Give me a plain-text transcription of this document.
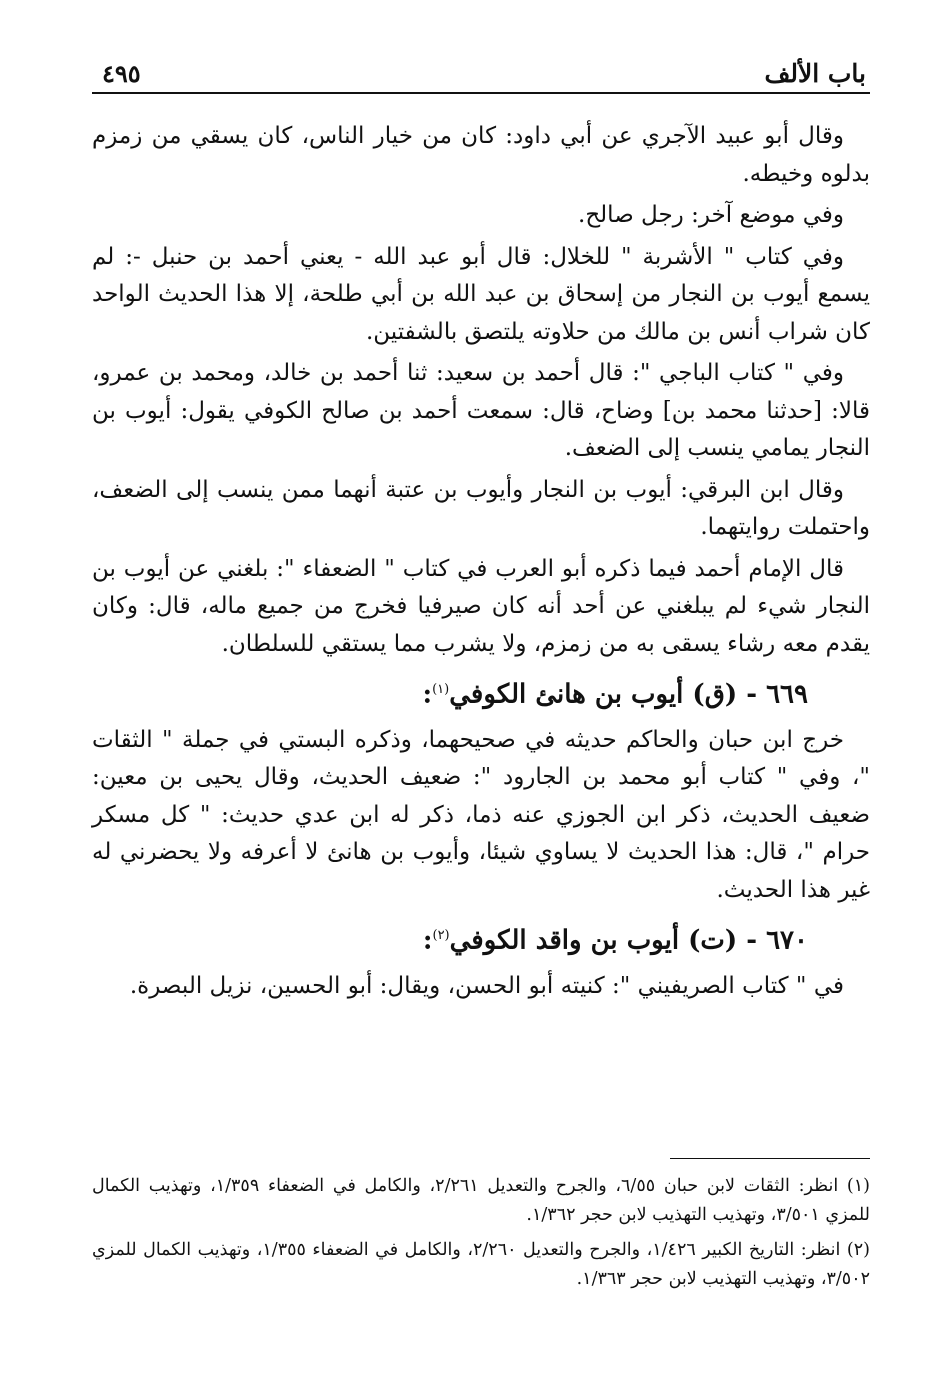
باب الألف
٤٩٥

وقال أبو عبيد الآجري عن أبي داود: كان من خيار الناس، كان يسقي من زمزم بدلوه وخيطه.

وفي موضع آخر: رجل صالح.

وفي كتاب " الأشربة " للخلال: قال أبو عبد الله - يعني أحمد بن حنبل -: لم يسمع أيوب بن النجار من إسحاق بن عبد الله بن أبي طلحة، إلا هذا الحديث الواحد كان شراب أنس بن مالك من حلاوته يلتصق بالشفتين.

وفي " كتاب الباجي ": قال أحمد بن سعيد: ثنا أحمد بن خالد، ومحمد بن عمرو، قالا: [حدثنا محمد بن] وضاح، قال: سمعت أحمد بن صالح الكوفي يقول: أيوب بن النجار يمامي ينسب إلى الضعف.

وقال ابن البرقي: أيوب بن النجار وأيوب بن عتبة أنهما ممن ينسب إلى الضعف، واحتملت روايتهما.

قال الإمام أحمد فيما ذكره أبو العرب في كتاب " الضعفاء ": بلغني عن أيوب بن النجار شيء لم يبلغني عن أحد أنه كان صيرفيا فخرج من جميع ماله، قال: وكان يقدم معه رشاء يسقى به من زمزم، ولا يشرب مما يستقي للسلطان.

٦٦٩ - (ق) أيوب بن هانئ الكوفي$^{(١)}$:

خرج ابن حبان والحاكم حديثه في صحيحهما، وذكره البستي في جملة " الثقات "، وفي " كتاب أبو محمد بن الجارود ": ضعيف الحديث، وقال يحيى بن معين: ضعيف الحديث، ذكر ابن الجوزي عنه ذما، ذكر له ابن عدي حديث: " كل مسكر حرام "، قال: هذا الحديث لا يساوي شيئا، وأيوب بن هانئ لا أعرفه ولا يحضرني له غير هذا الحديث.

٦٧٠ - (ت) أيوب بن واقد الكوفي$^{(٢)}$:

في " كتاب الصريفيني ": كنيته أبو الحسن، ويقال: أبو الحسين، نزيل البصرة.

(١) انظر: الثقات لابن حبان ٦/٥٥، والجرح والتعديل ٢/٢٦١، والكامل في الضعفاء ١/٣٥٩، وتهذيب الكمال للمزي ٣/٥٠١، وتهذيب التهذيب لابن حجر ١/٣٦٢.

(٢) انظر: التاريخ الكبير ١/٤٢٦، والجرح والتعديل ٢/٢٦٠، والكامل في الضعفاء ١/٣٥٥، وتهذيب الكمال للمزي ٣/٥٠٢، وتهذيب التهذيب لابن حجر ١/٣٦٣.
